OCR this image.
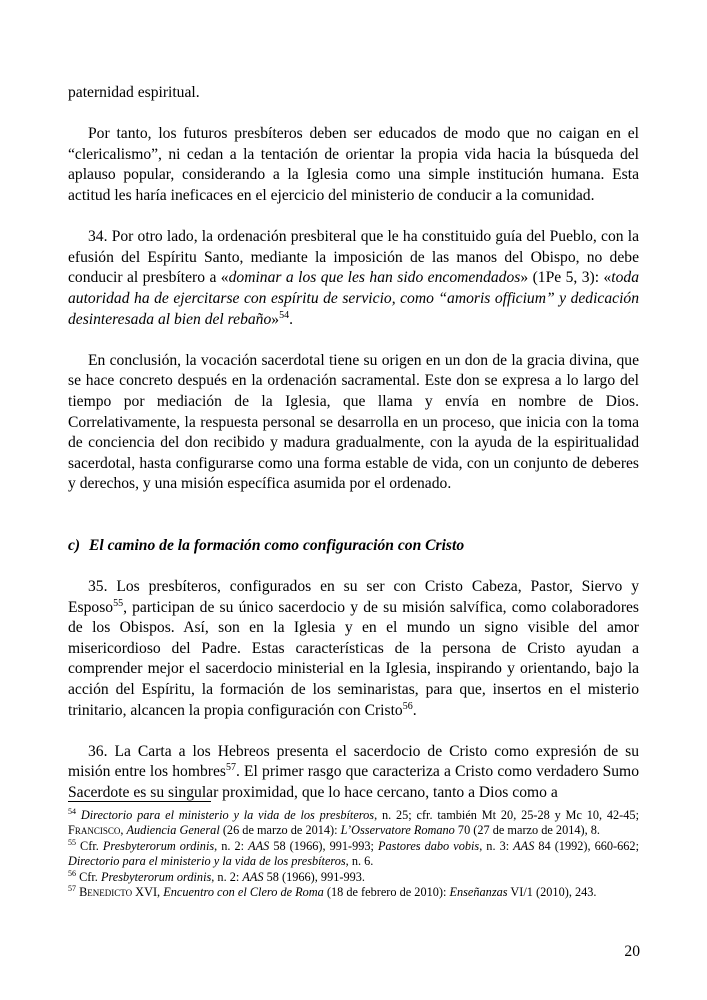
paternidad espiritual.

Por tanto, los futuros presbíteros deben ser educados de modo que no caigan en el “clericalismo”, ni cedan a la tentación de orientar la propia vida hacia la búsqueda del aplauso popular, considerando a la Iglesia como una simple institución humana. Esta actitud les haría ineficaces en el ejercicio del ministerio de conducir a la comunidad.

34. Por otro lado, la ordenación presbiteral que le ha constituido guía del Pueblo, con la efusión del Espíritu Santo, mediante la imposición de las manos del Obispo, no debe conducir al presbítero a «dominar a los que les han sido encomendados» (1Pe 5, 3): «toda autoridad ha de ejercitarse con espíritu de servicio, como “amoris officium” y dedicación desinteresada al bien del rebaño»$^{54}$.

En conclusión, la vocación sacerdotal tiene su origen en un don de la gracia divina, que se hace concreto después en la ordenación sacramental. Este don se expresa a lo largo del tiempo por mediación de la Iglesia, que llama y envía en nombre de Dios. Correlativamente, la respuesta personal se desarrolla en un proceso, que inicia con la toma de conciencia del don recibido y madura gradualmente, con la ayuda de la espiritualidad sacerdotal, hasta configurarse como una forma estable de vida, con un conjunto de deberes y derechos, y una misión específica asumida por el ordenado.

c) El camino de la formación como configuración con Cristo

35. Los presbíteros, configurados en su ser con Cristo Cabeza, Pastor, Siervo y Esposo$^{55}$, participan de su único sacerdocio y de su misión salvífica, como colaboradores de los Obispos. Así, son en la Iglesia y en el mundo un signo visible del amor misericordioso del Padre. Estas características de la persona de Cristo ayudan a comprender mejor el sacerdocio ministerial en la Iglesia, inspirando y orientando, bajo la acción del Espíritu, la formación de los seminaristas, para que, insertos en el misterio trinitario, alcancen la propia configuración con Cristo$^{56}$.

36. La Carta a los Hebreos presenta el sacerdocio de Cristo como expresión de su misión entre los hombres$^{57}$. El primer rasgo que caracteriza a Cristo como verdadero Sumo Sacerdote es su singular proximidad, que lo hace cercano, tanto a Dios como a

$^{54}$ Directorio para el ministerio y la vida de los presbíteros, n. 25; cfr. también Mt 20, 25-28 y Mc 10, 42-45; Francisco, Audiencia General (26 de marzo de 2014): L’Osservatore Romano 70 (27 de marzo de 2014), 8.

$^{55}$ Cfr. Presbyterorum ordinis, n. 2: AAS 58 (1966), 991-993; Pastores dabo vobis, n. 3: AAS 84 (1992), 660-662; Directorio para el ministerio y la vida de los presbíteros, n. 6.

$^{56}$ Cfr. Presbyterorum ordinis, n. 2: AAS 58 (1966), 991-993.

$^{57}$ Benedicto XVI, Encuentro con el Clero de Roma (18 de febrero de 2010): Enseñanzas VI/1 (2010), 243.

20
